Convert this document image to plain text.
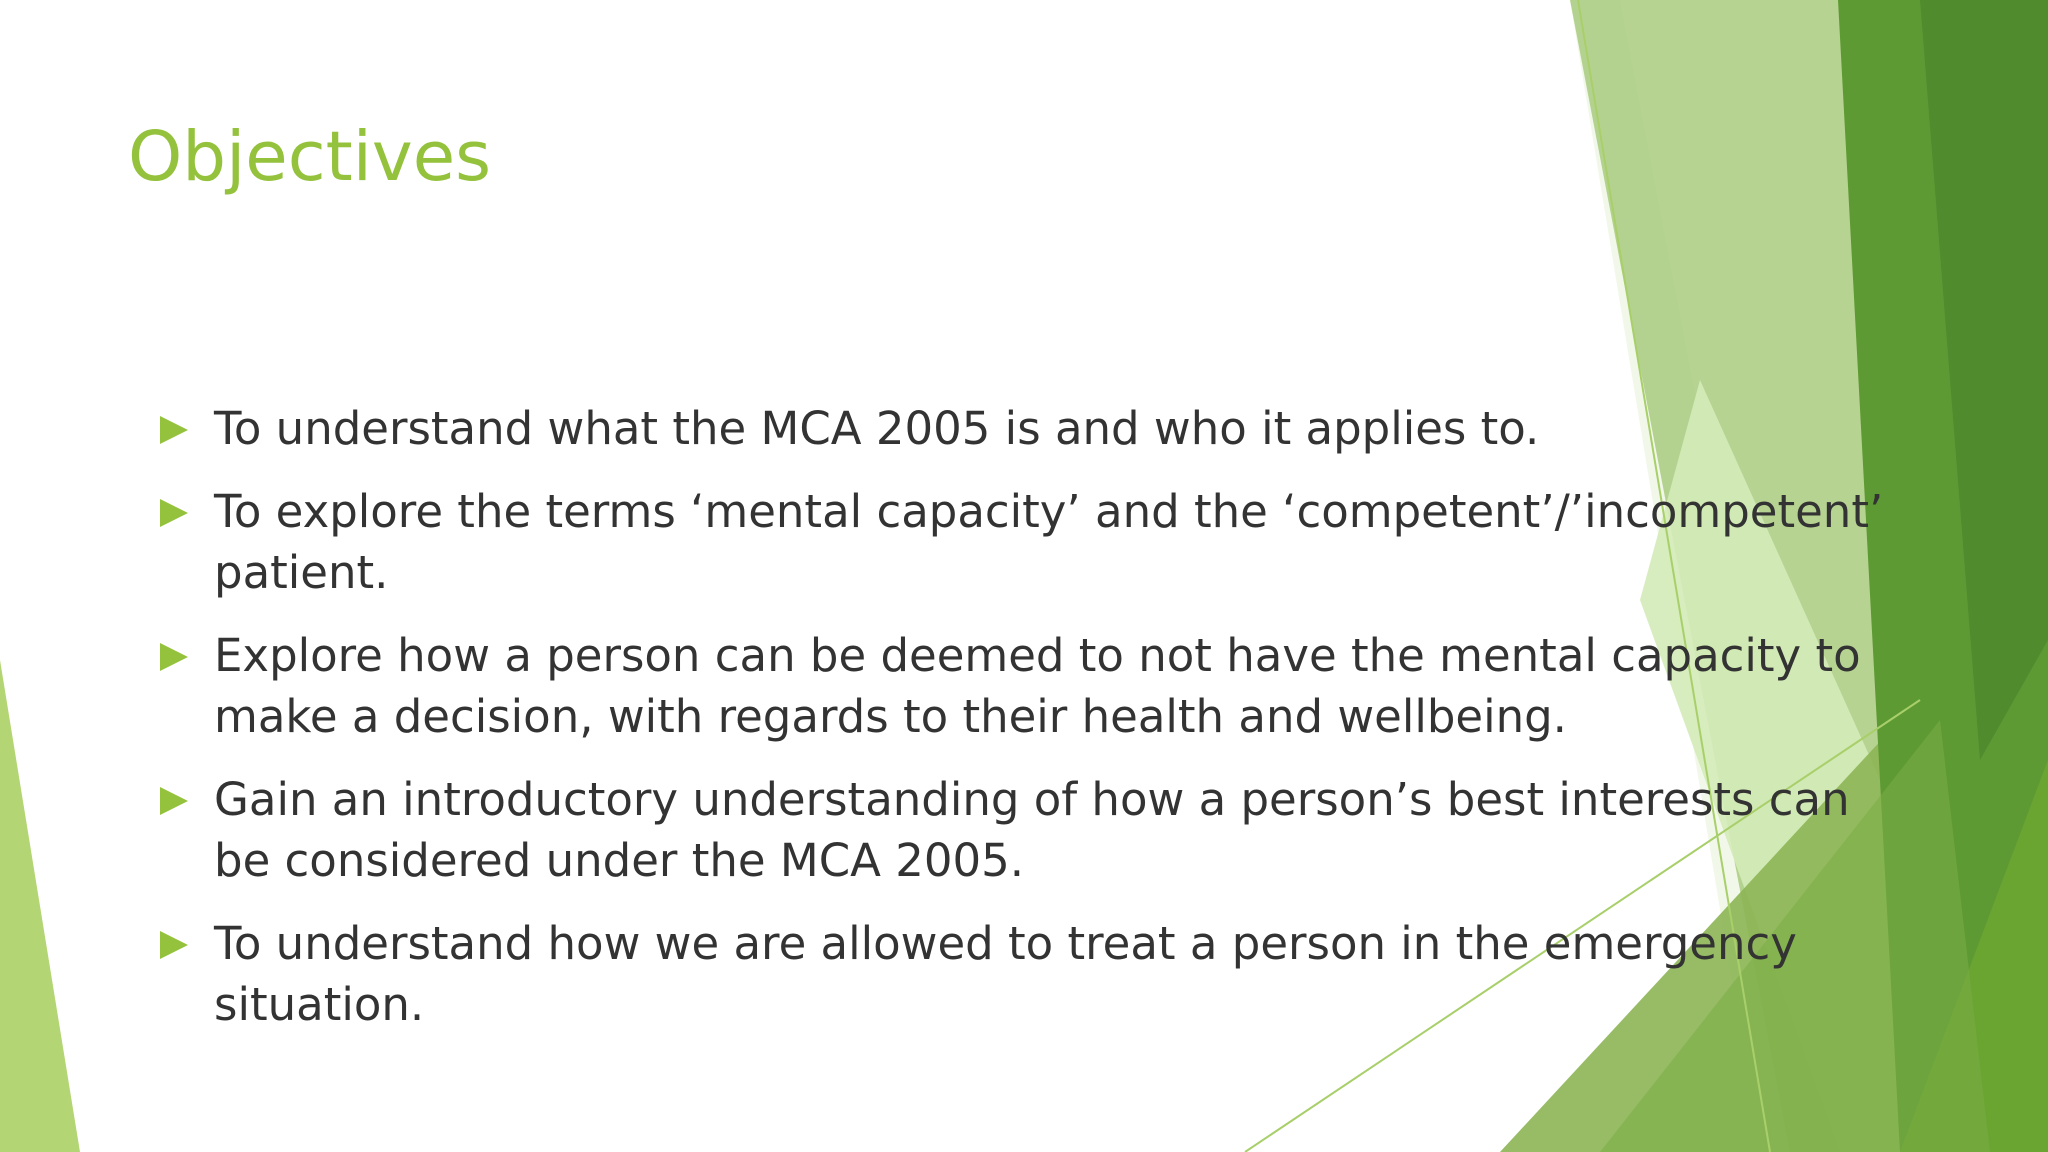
Objectives
To understand what the MCA 2005 is and who it applies to.
To explore the terms ‘mental capacity’ and the ‘competent’/’incompetent’ patient.
Explore how a person can be deemed to not have the mental capacity to make a decision, with regards to their health and wellbeing.
Gain an introductory understanding of how a person’s best interests can be considered under the MCA 2005.
To understand how we are allowed to treat a person in the emergency situation.
